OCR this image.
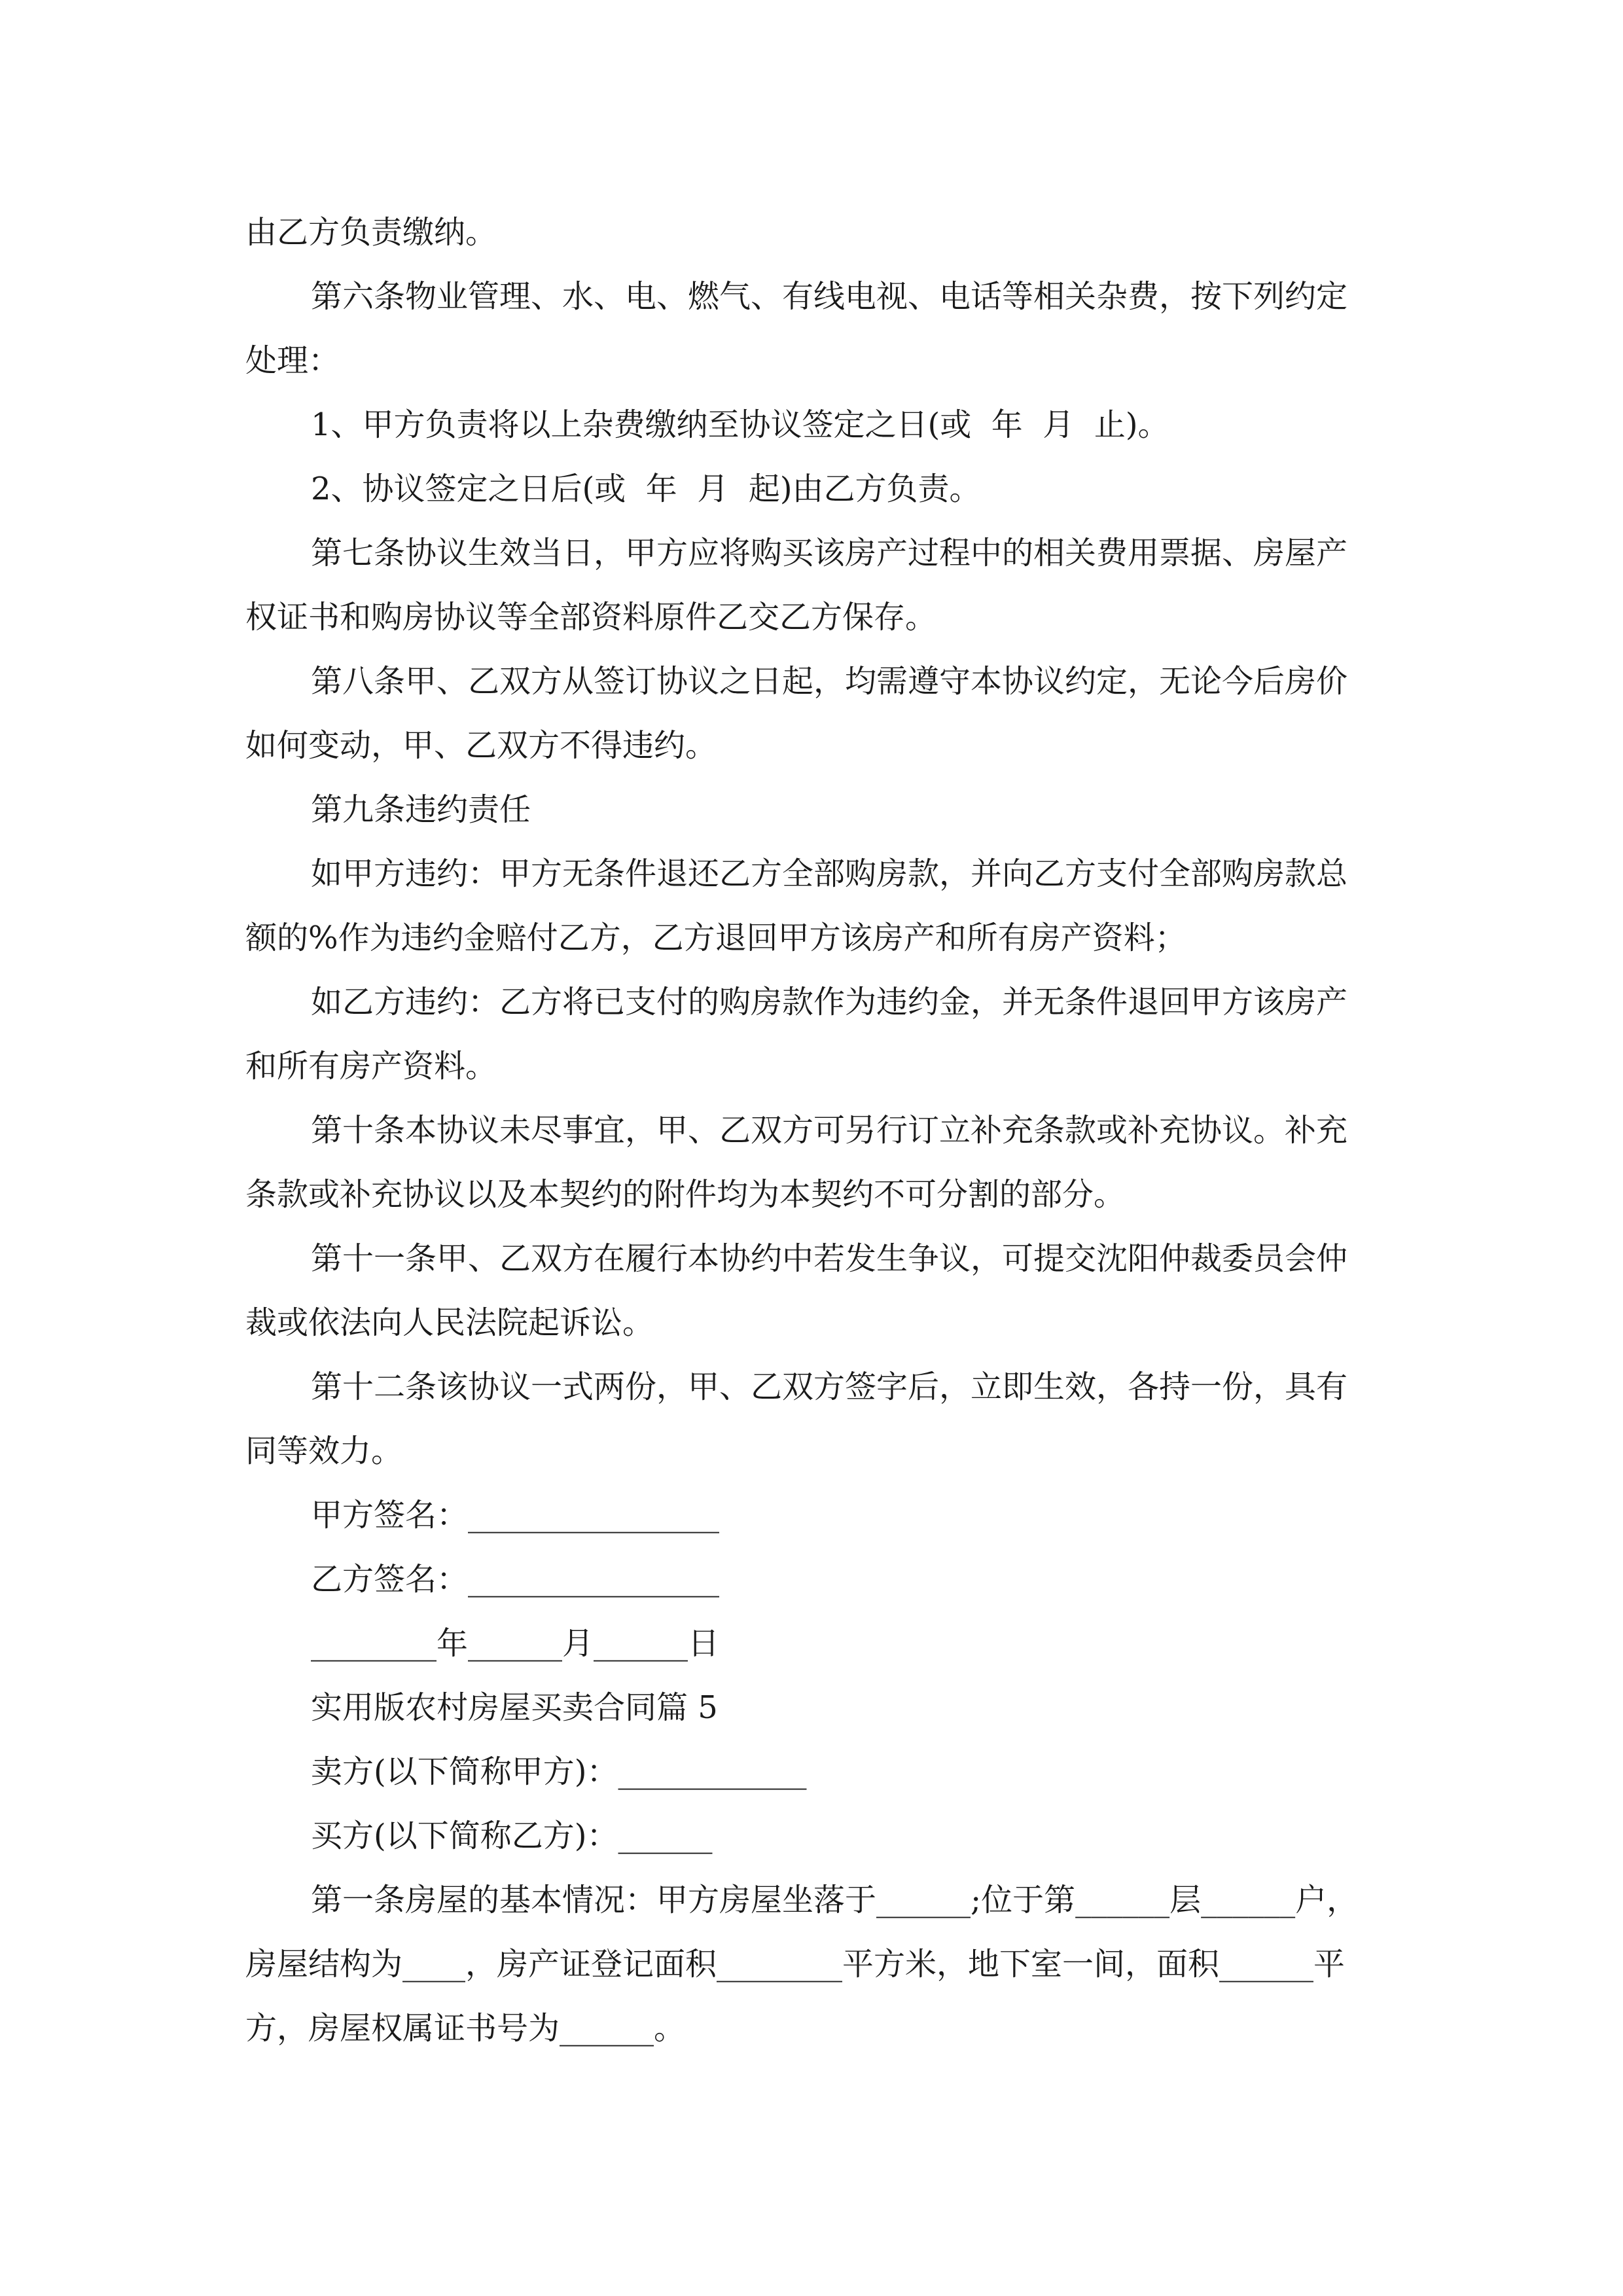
由乙方负责缴纳。
第六条物业管理、水、电、燃气、有线电视、电话等相关杂费，按下列约定
处理：
1、甲方负责将以上杂费缴纳至协议签定之日(或  年  月  止)。
2、协议签定之日后(或  年  月  起)由乙方负责。
第七条协议生效当日，甲方应将购买该房产过程中的相关费用票据、房屋产
权证书和购房协议等全部资料原件乙交乙方保存。
第八条甲、乙双方从签订协议之日起，均需遵守本协议约定，无论今后房价
如何变动，甲、乙双方不得违约。
第九条违约责任
如甲方违约：甲方无条件退还乙方全部购房款，并向乙方支付全部购房款总
额的%作为违约金赔付乙方，乙方退回甲方该房产和所有房产资料；
如乙方违约：乙方将已支付的购房款作为违约金，并无条件退回甲方该房产
和所有房产资料。
第十条本协议未尽事宜，甲、乙双方可另行订立补充条款或补充协议。补充
条款或补充协议以及本契约的附件均为本契约不可分割的部分。
第十一条甲、乙双方在履行本协约中若发生争议，可提交沈阳仲裁委员会仲
裁或依法向人民法院起诉讼。
第十二条该协议一式两份，甲、乙双方签字后，立即生效，各持一份，具有
同等效力。
甲方签名：________________
乙方签名：________________
________年______月______日
实用版农村房屋买卖合同篇 5
卖方(以下简称甲方)：____________
买方(以下简称乙方)：______
第一条房屋的基本情况：甲方房屋坐落于______;位于第______层______户，
房屋结构为____，房产证登记面积________平方米，地下室一间，面积______平
方，房屋权属证书号为______。
